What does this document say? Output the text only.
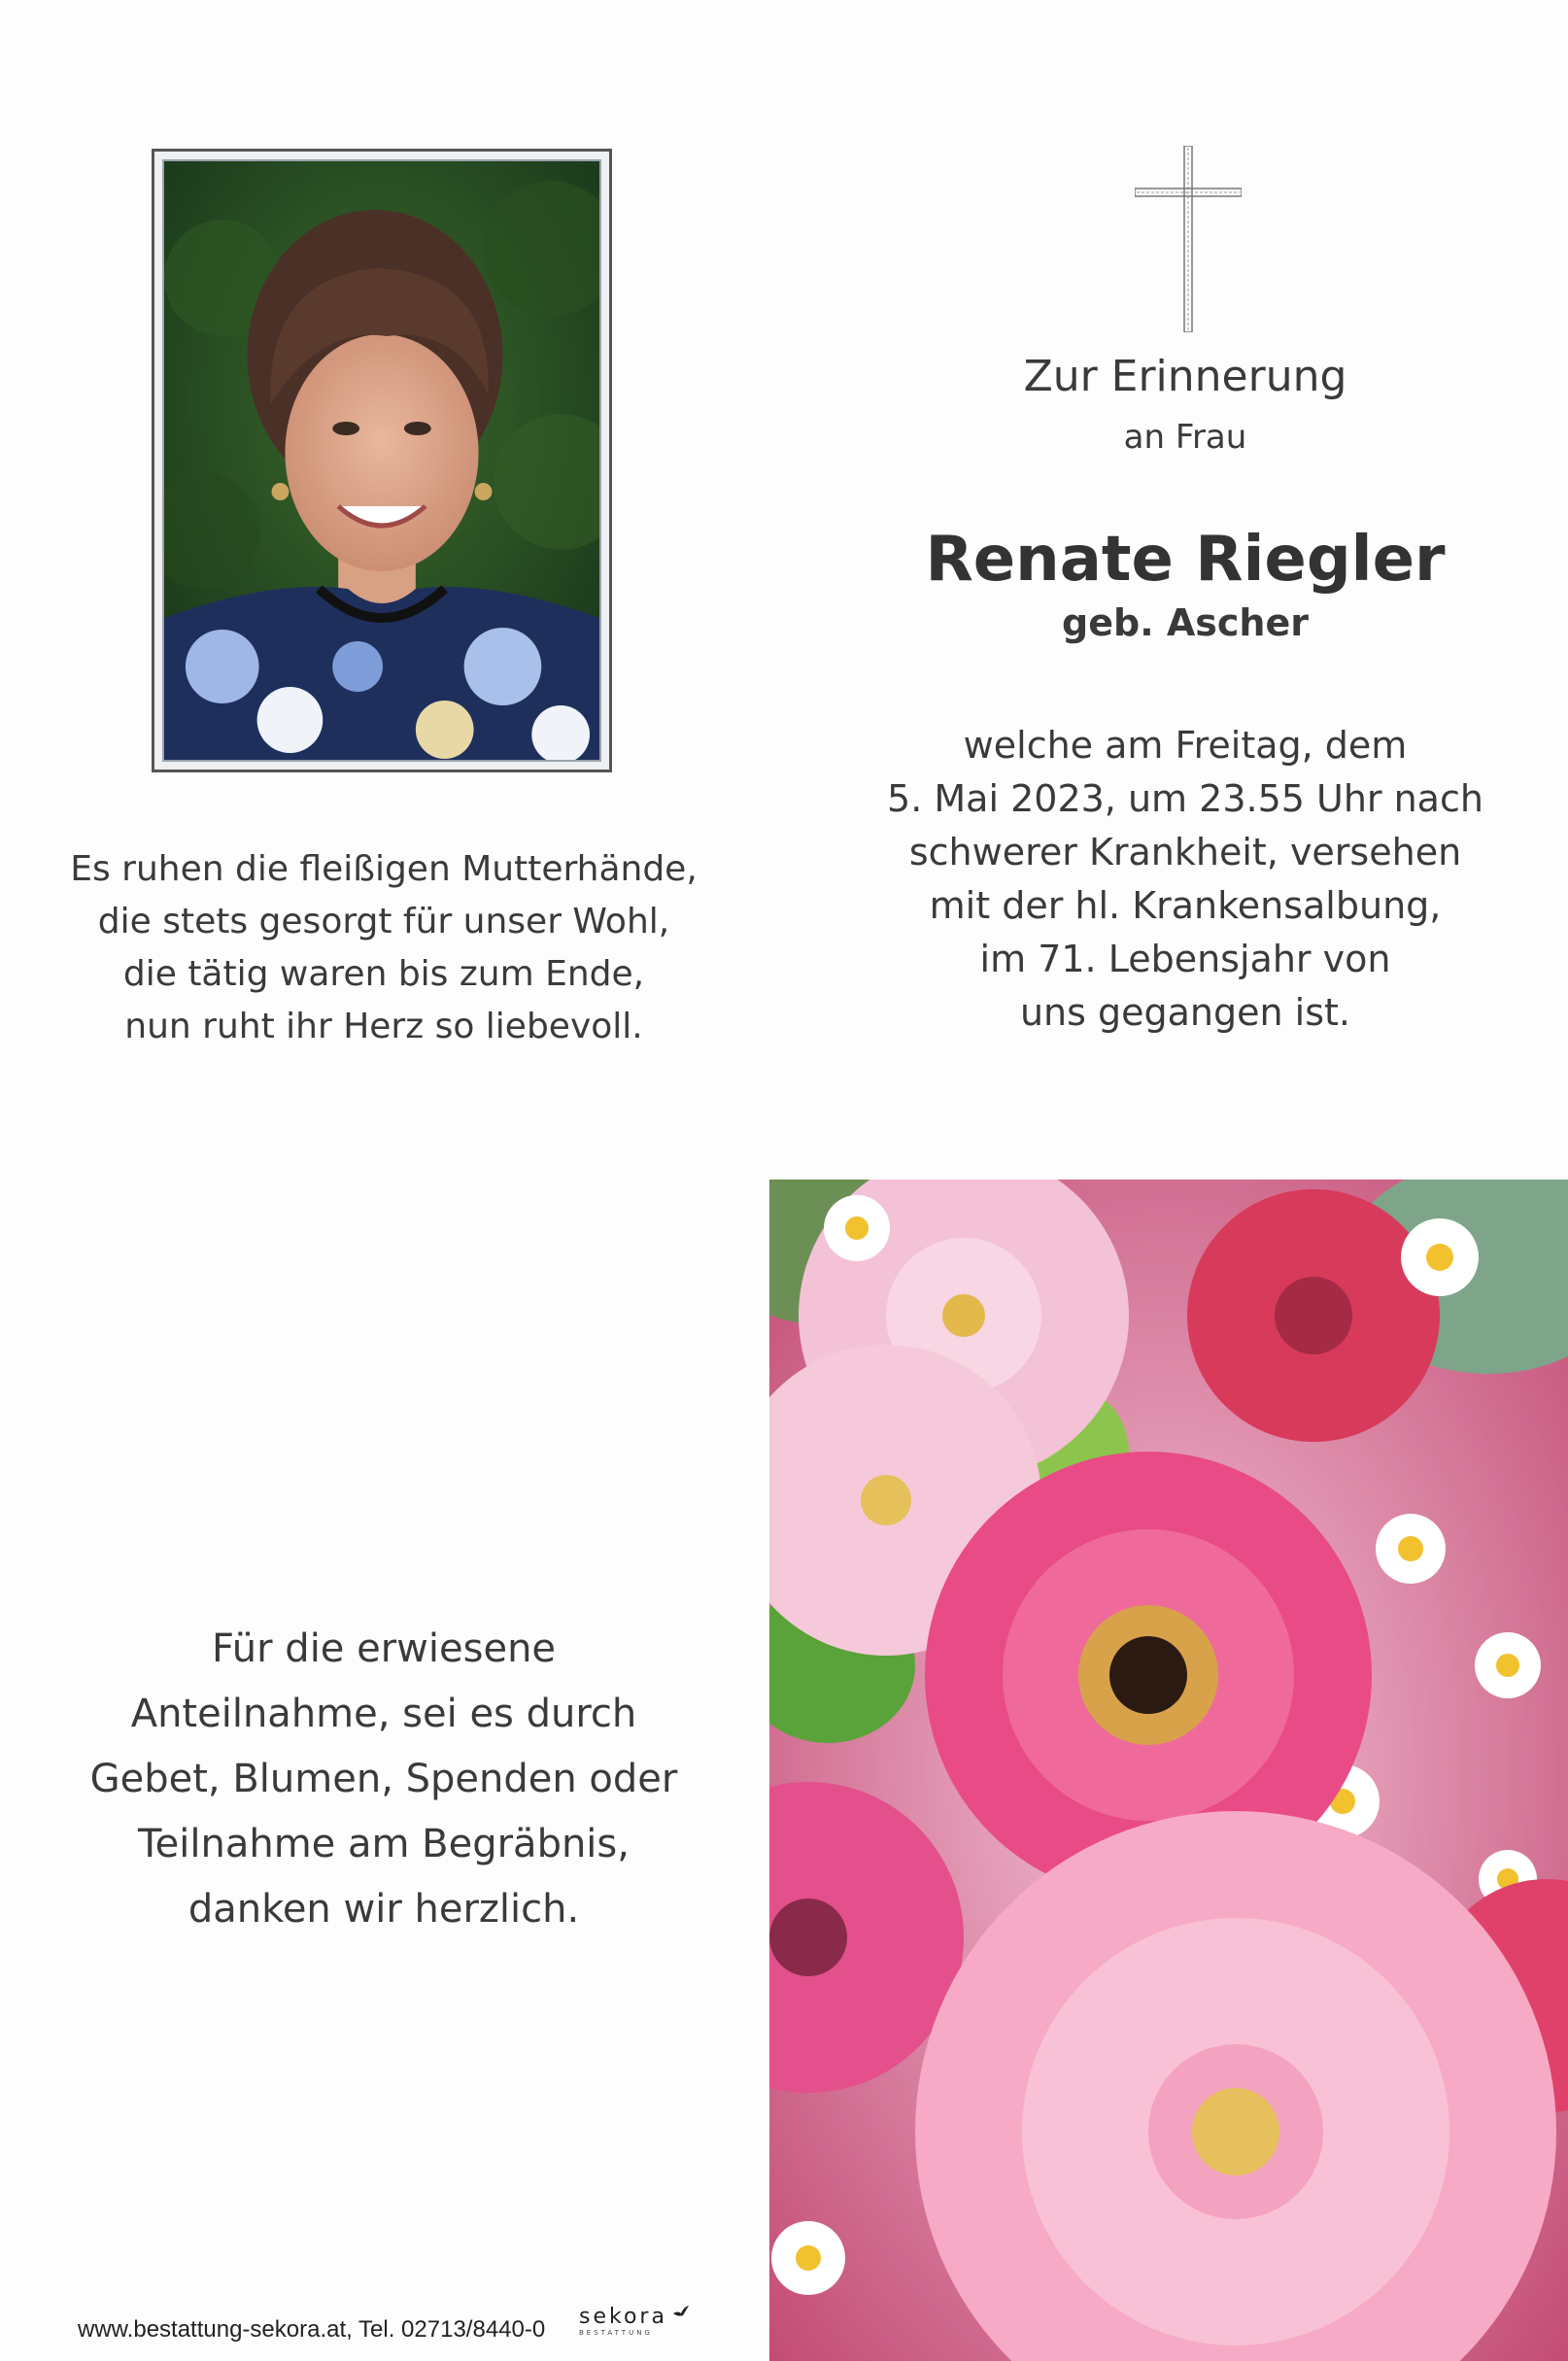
Es ruhen die fleißigen Mutterhände,
die stets gesorgt für unser Wohl,
die tätig waren bis zum Ende,
nun ruht ihr Herz so liebevoll.
Zur Erinnerung
an Frau
Renate Riegler
geb. Ascher
welche am Freitag, dem
5. Mai 2023, um 23.55 Uhr nach
schwerer Krankheit, versehen
mit der hl. Krankensalbung,
im 71. Lebensjahr von
uns gegangen ist.
Für die erwiesene
Anteilnahme, sei es durch
Gebet, Blumen, Spenden oder
Teilnahme am Begräbnis,
danken wir herzlich.
www.bestattung-sekora.at, Tel. 02713/8440-0 sekora
BESTATTUNG
